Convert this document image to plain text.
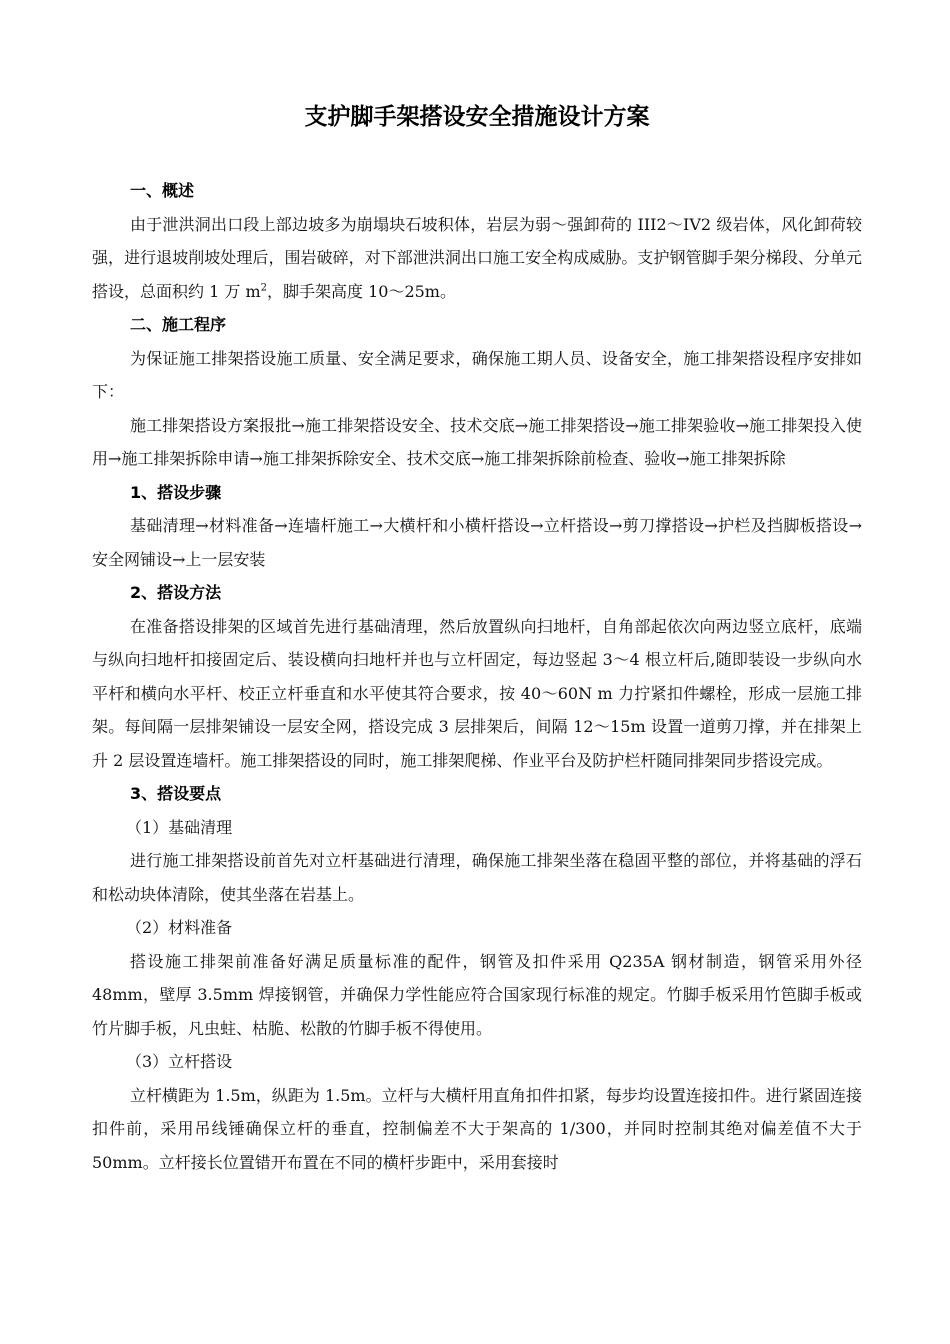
支护脚手架搭设安全措施设计方案
一、概述

由于泄洪洞出口段上部边坡多为崩塌块石坡积体，岩层为弱～强卸荷的 III2～IV2 级岩体，风化卸荷较强，进行退坡削坡处理后，围岩破碎，对下部泄洪洞出口施工安全构成威胁。支护钢管脚手架分梯段、分单元搭设，总面积约 1 万 $m^2$，脚手架高度 10～25m。

二、施工程序

为保证施工排架搭设施工质量、安全满足要求，确保施工期人员、设备安全，施工排架搭设程序安排如下：

施工排架搭设方案报批→施工排架搭设安全、技术交底→施工排架搭设→施工排架验收→施工排架投入使用→施工排架拆除申请→施工排架拆除安全、技术交底→施工排架拆除前检查、验收→施工排架拆除

1、搭设步骤

基础清理→材料准备→连墙杆施工→大横杆和小横杆搭设→立杆搭设→剪刀撑搭设→护栏及挡脚板搭设→安全网铺设→上一层安装

2、搭设方法

在准备搭设排架的区域首先进行基础清理，然后放置纵向扫地杆，自角部起依次向两边竖立底杆，底端与纵向扫地杆扣接固定后、装设横向扫地杆并也与立杆固定，每边竖起 3～4 根立杆后,随即装设一步纵向水平杆和横向水平杆、校正立杆垂直和水平使其符合要求，按 40～60N m 力拧紧扣件螺栓，形成一层施工排架。每间隔一层排架铺设一层安全网，搭设完成 3 层排架后，间隔 12～15m 设置一道剪刀撑，并在排架上升 2 层设置连墙杆。施工排架搭设的同时，施工排架爬梯、作业平台及防护栏杆随同排架同步搭设完成。

3、搭设要点
（1）基础清理

进行施工排架搭设前首先对立杆基础进行清理，确保施工排架坐落在稳固平整的部位，并将基础的浮石和松动块体清除，使其坐落在岩基上。

（2）材料准备

搭设施工排架前准备好满足质量标准的配件，钢管及扣件采用 Q235A 钢材制造，钢管采用外径 48mm，壁厚 3.5mm 焊接钢管，并确保力学性能应符合国家现行标准的规定。竹脚手板采用竹笆脚手板或竹片脚手板，凡虫蛀、枯脆、松散的竹脚手板不得使用。

（3）立杆搭设

立杆横距为 1.5m，纵距为 1.5m。立杆与大横杆用直角扣件扣紧，每步均设置连接扣件。进行紧固连接扣件前，采用吊线锤确保立杆的垂直，控制偏差不大于架高的 1/300，并同时控制其绝对偏差值不大于 50mm。立杆接长位置错开布置在不同的横杆步距中，采用套接时
